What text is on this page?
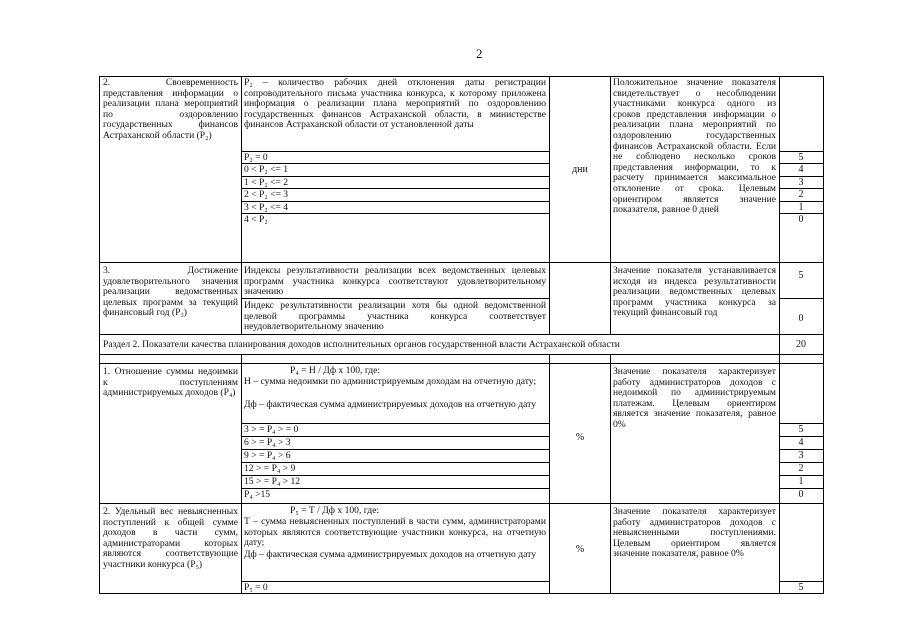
2
2. Своевременность представления информации о реализации плана мероприятий по оздоровлению государственных финансов Астраханской области (P₂)
P₂ – количество рабочих дней отклонения даты регистрации сопроводительного письма участника конкурса, к которому приложена информация о реализации плана мероприятий по оздоровлению государственных финансов Астраханской области, в министерстве финансов Астраханской области от установленной даты
P₂ = 0
0 < P₂ <= 1
1 < P₂ <= 2
2 < P₂ <= 3
3 < P₂ <= 4
4 < P₂
дни
Положительное значение показателя свидетельствует о несоблюдении участниками конкурса одного из сроков представления информации о реализации плана мероприятий по оздоровлению государственных финансов Астраханской области. Если не соблюдено несколько сроков представления информации, то к расчету принимается максимальное отклонение от срока. Целевым ориентиром является значение показателя, равное 0 дней
5
4
3
2
1
0
3. Достижение удовлетворительного значения реализации ведомственных целевых программ за текущий финансовый год (P₃)
Индексы результативности реализации всех ведомственных целевых программ участника конкурса соответствуют удовлетворительному значению
Индекс результативности реализации хотя бы одной ведомственной целевой программы участника конкурса соответствует неудовлетворительному значению
Значение показателя устанавливается исходя из индекса результативности реализации ведомственных целевых программ участника конкурса за текущий финансовый год
5
0
Раздел 2. Показатели качества планирования доходов исполнительных органов государственной власти Астраханской области	20
1. Отношение суммы недоимки к поступлениям администрируемых доходов (P₄)
P₄ = Н / Дф х 100, где:
Н – сумма недоимки по администрируемым доходам на отчетную дату;
Дф – фактическая сумма администрируемых доходов на отчетную дату
3 > = P₄ > = 0
6 > = P₄ > 3
9 > = P₄ > 6
12 > = P₄ > 9
15 > = P₄ > 12
P₄ >15
%
Значение показателя характеризует работу администраторов доходов с недоимкой по администрируемым платежам. Целевым ориентиром является значение показателя, равное 0%	5
4
3
2
1
0
2. Удельный вес невыясненных поступлений к общей сумме доходов в части сумм, администраторами которых являются соответствующие участники конкурса (P₅)
P₅ = Т / Дф х 100, где:
Т – сумма невыясненных поступлений в части сумм, администраторами которых являются соответствующие участники конкурса, на отчетную дату;
Дф – фактическая сумма администрируемых доходов на отчетную дату
P₅ = 0
%
Значение показателя характеризует работу администраторов доходов с невыясненными поступлениями. Целевым ориентиром является значение показателя, равное 0%
5
